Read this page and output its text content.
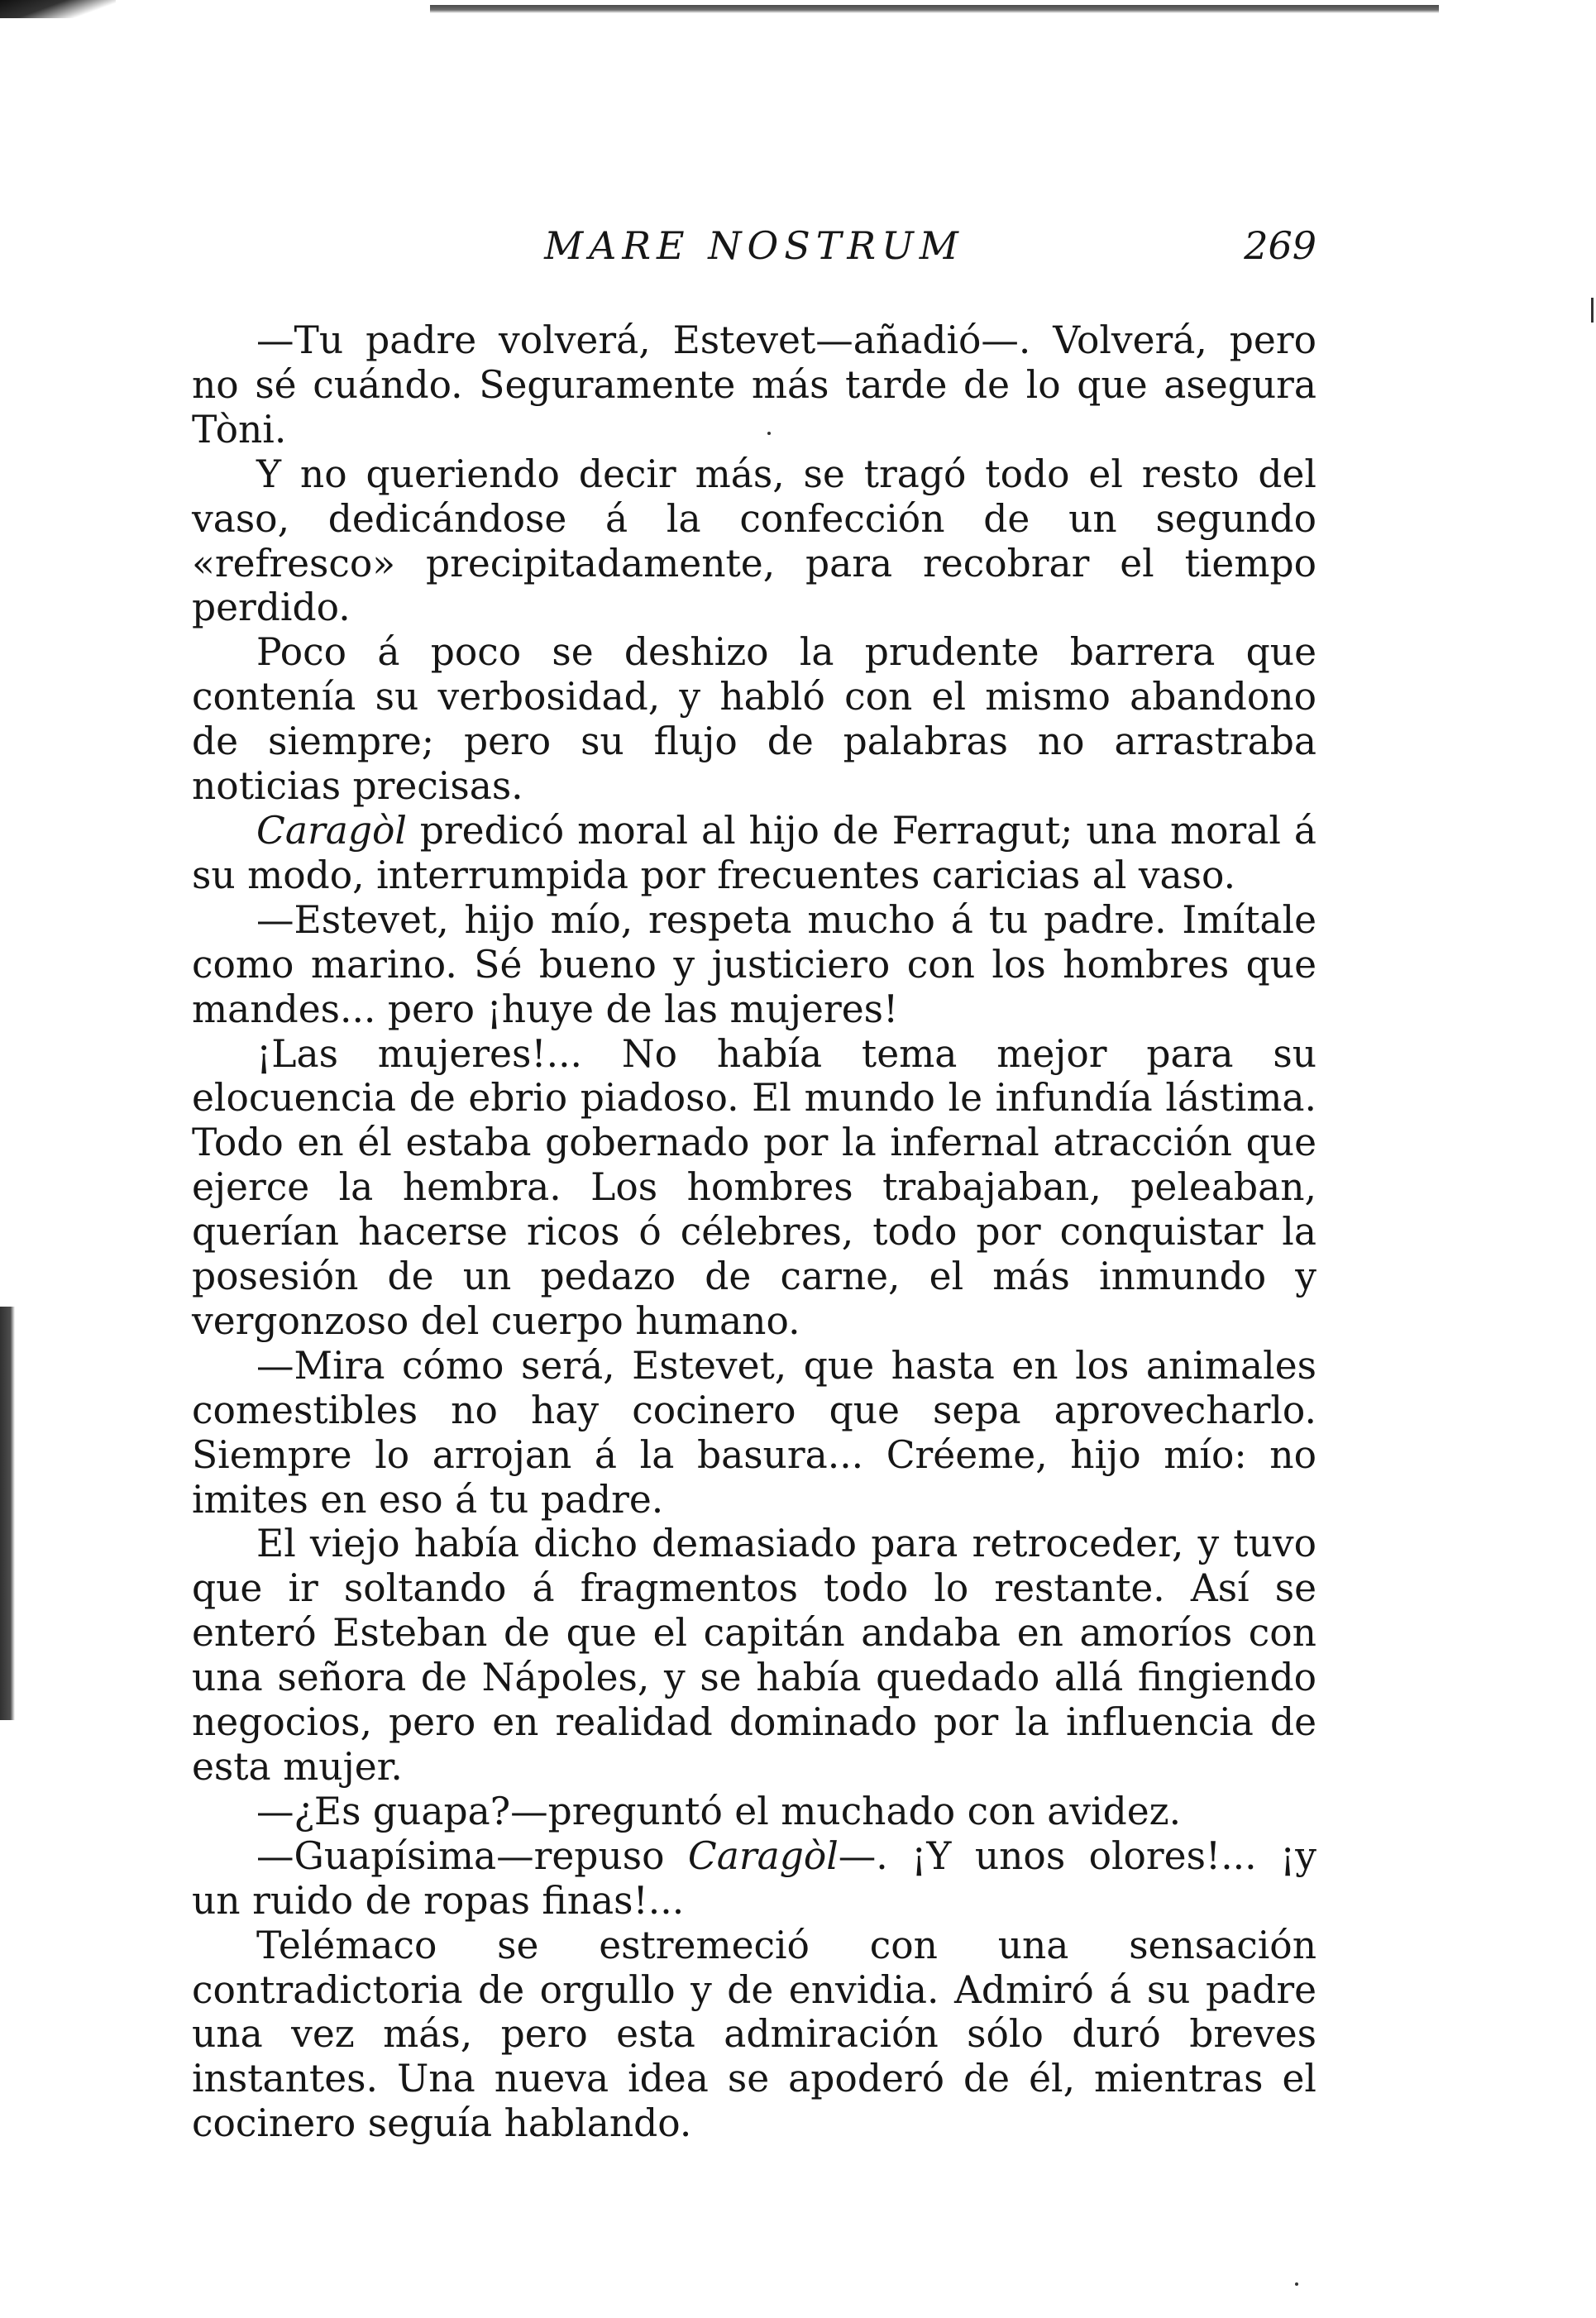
MARE NOSTRUM	269

—Tu padre volverá, Estevet—añadió—. Volverá, pero no sé cuándo. Seguramente más tarde de lo que asegura Tòni.

Y no queriendo decir más, se tragó todo el resto del vaso, dedicándose á la confección de un segundo «refresco» precipitadamente, para recobrar el tiempo perdido.

Poco á poco se deshizo la prudente barrera que contenía su verbosidad, y habló con el mismo abandono de siempre; pero su flujo de palabras no arrastraba noticias precisas.

Caragòl predicó moral al hijo de Ferragut; una moral á su modo, interrumpida por frecuentes caricias al vaso.

—Estevet, hijo mío, respeta mucho á tu padre. Imítale como marino. Sé bueno y justiciero con los hombres que mandes... pero ¡huye de las mujeres!

¡Las mujeres!... No había tema mejor para su elocuencia de ebrio piadoso. El mundo le infundía lástima. Todo en él estaba gobernado por la infernal atracción que ejerce la hembra. Los hombres trabajaban, peleaban, querían hacerse ricos ó célebres, todo por conquistar la posesión de un pedazo de carne, el más inmundo y vergonzoso del cuerpo humano.

—Mira cómo será, Estevet, que hasta en los animales comestibles no hay cocinero que sepa aprovecharlo. Siempre lo arrojan á la basura... Créeme, hijo mío: no imites en eso á tu padre.

El viejo había dicho demasiado para retroceder, y tuvo que ir soltando á fragmentos todo lo restante. Así se enteró Esteban de que el capitán andaba en amoríos con una señora de Nápoles, y se había quedado allá fingiendo negocios, pero en realidad dominado por la influencia de esta mujer.

—¿Es guapa?—preguntó el muchado con avidez.

—Guapísima—repuso Caragòl—. ¡Y unos olores!... ¡y un ruido de ropas finas!...

Telémaco se estremeció con una sensación contradictoria de orgullo y de envidia. Admiró á su padre una vez más, pero esta admiración sólo duró breves instantes. Una nueva idea se apoderó de él, mientras el cocinero seguía hablando.
